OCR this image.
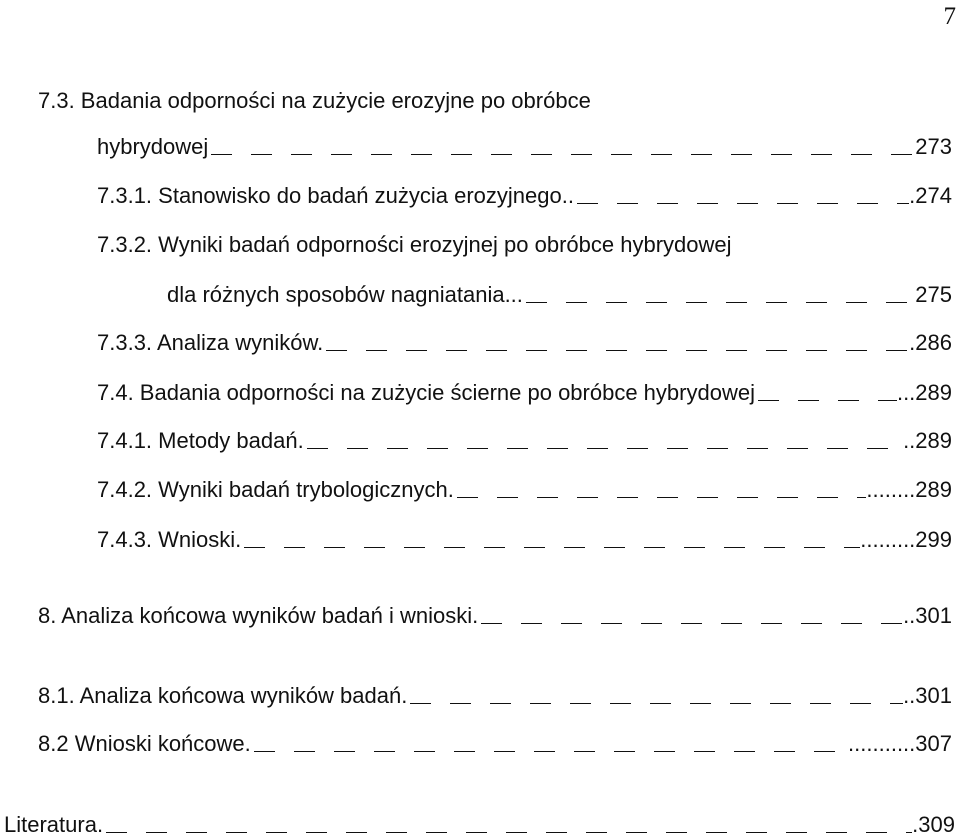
7
7.3. Badania odporności na zużycie erozyjne po obróbce
hybrydowej	273
7.3.1. Stanowisko do badań zużycia erozyjnego..	.274
7.3.2. Wyniki badań odporności erozyjnej po obróbce hybrydowej
dla różnych sposobów nagniatania...	275
7.3.3. Analiza wyników.	.286
7.4. Badania odporności na zużycie ścierne po obróbce hybrydowej	...289
7.4.1. Metody badań.	..289
7.4.2. Wyniki badań trybologicznych.	........289
7.4.3. Wnioski.	.........299
8. Analiza końcowa wyników badań i wnioski.	..301
8.1. Analiza końcowa wyników badań.	..301
8.2 Wnioski końcowe.	...........307
Literatura.	.309
